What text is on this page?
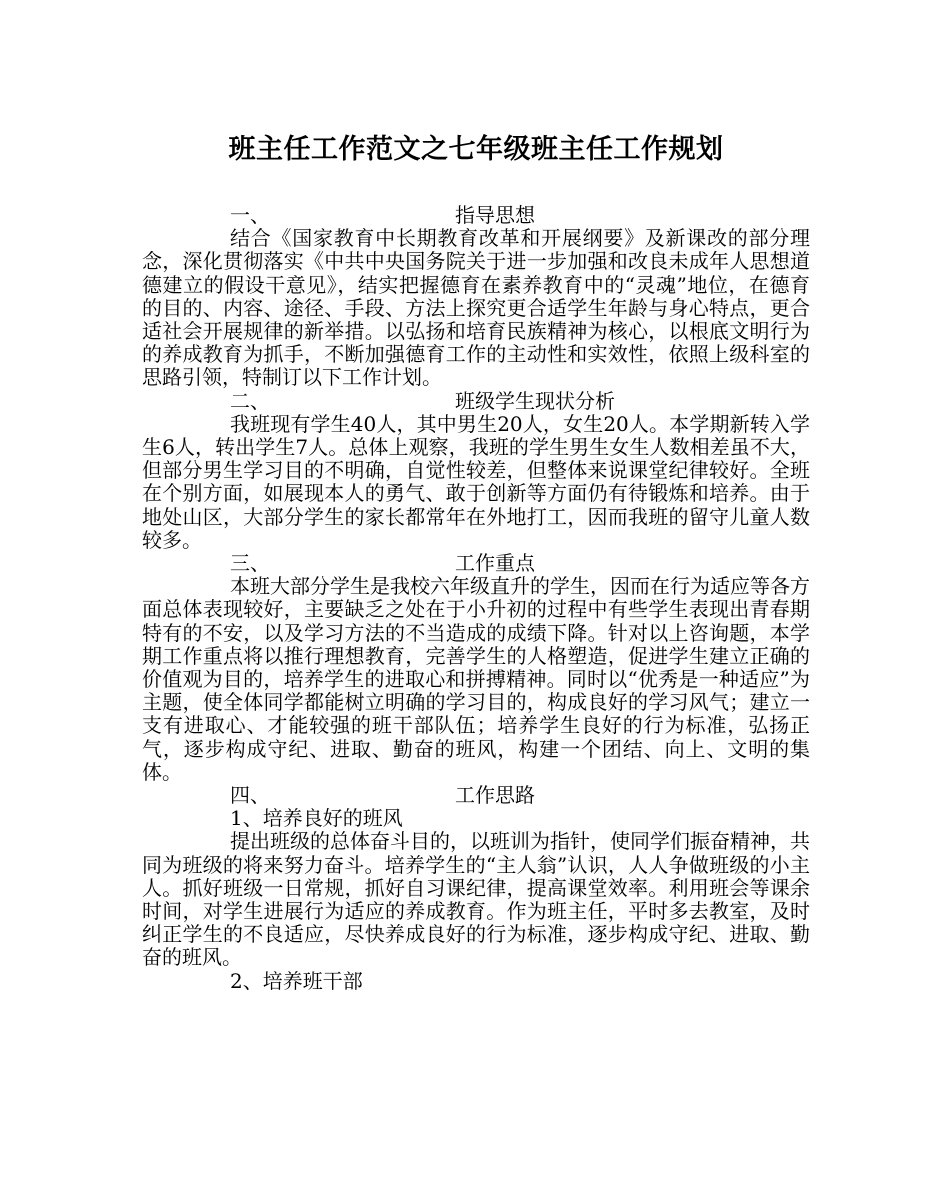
班主任工作范文之七年级班主任工作规划
一、	指导思想

结合《国家教育中长期教育改革和开展纲要》及新课改的部分理念，深化贯彻落实《中共中央国务院关于进一步加强和改良未成年人思想道德建立的假设干意见》，结实把握德育在素养教育中的“灵魂”地位，在德育的目的、内容、途径、手段、方法上探究更合适学生年龄与身心特点，更合适社会开展规律的新举措。以弘扬和培育民族精神为核心，以根底文明行为的养成教育为抓手，不断加强德育工作的主动性和实效性，依照上级科室的思路引领，特制订以下工作计划。

二、	班级学生现状分析

我班现有学生40人，其中男生20人，女生20人。本学期新转入学生6人，转出学生7人。总体上观察，我班的学生男生女生人数相差虽不大，但部分男生学习目的不明确，自觉性较差，但整体来说课堂纪律较好。全班在个别方面，如展现本人的勇气、敢于创新等方面仍有待锻炼和培养。由于地处山区，大部分学生的家长都常年在外地打工，因而我班的留守儿童人数较多。

三、	工作重点

本班大部分学生是我校六年级直升的学生，因而在行为适应等各方面总体表现较好，主要缺乏之处在于小升初的过程中有些学生表现出青春期特有的不安，以及学习方法的不当造成的成绩下降。针对以上咨询题，本学期工作重点将以推行理想教育，完善学生的人格塑造，促进学生建立正确的价值观为目的，培养学生的进取心和拼搏精神。同时以“优秀是一种适应”为主题，使全体同学都能树立明确的学习目的，构成良好的学习风气；建立一支有进取心、才能较强的班干部队伍；培养学生良好的行为标准，弘扬正气，逐步构成守纪、进取、勤奋的班风，构建一个团结、向上、文明的集体。

四、	工作思路

1、培养良好的班风

提出班级的总体奋斗目的，以班训为指针，使同学们振奋精神，共同为班级的将来努力奋斗。培养学生的“主人翁”认识，人人争做班级的小主人。抓好班级一日常规，抓好自习课纪律，提高课堂效率。利用班会等课余时间，对学生进展行为适应的养成教育。作为班主任，平时多去教室，及时纠正学生的不良适应，尽快养成良好的行为标准，逐步构成守纪、进取、勤奋的班风。

2、培养班干部
